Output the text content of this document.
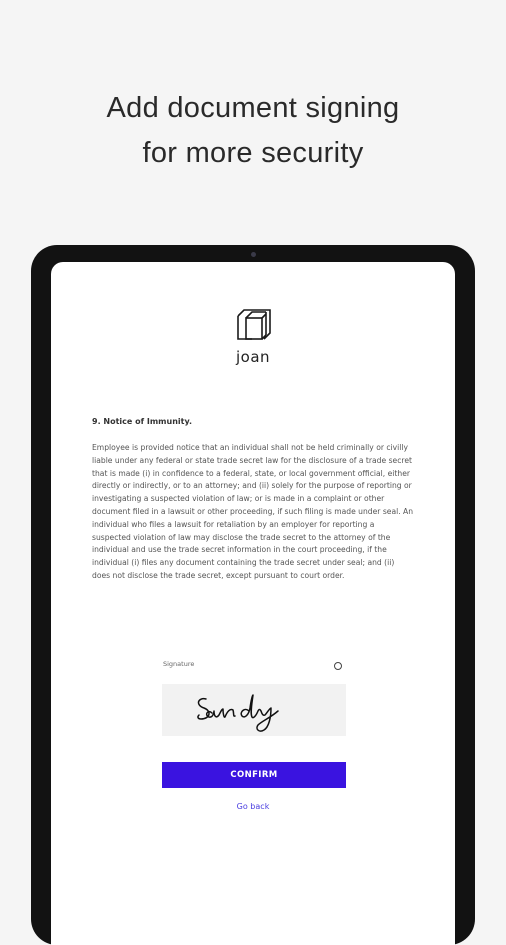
Add document signing
for more security
joan
9. Notice of Immunity.
Employee is provided notice that an individual shall not be held criminally or civilly liable under any federal or state trade secret law for the disclosure of a trade secret that is made (i) in confidence to a federal, state, or local government official, either directly or indirectly, or to an attorney; and (ii) solely for the purpose of reporting or investigating a suspected violation of law; or is made in a complaint or other document filed in a lawsuit or other proceeding, if such filing is made under seal. An individual who files a lawsuit for retaliation by an employer for reporting a suspected violation of law may disclose the trade secret to the attorney of the individual and use the trade secret information in the court proceeding, if the individual (i) files any document containing the trade secret under seal; and (ii) does not disclose the trade secret, except pursuant to court order.
Signature
CONFIRM
Go back
